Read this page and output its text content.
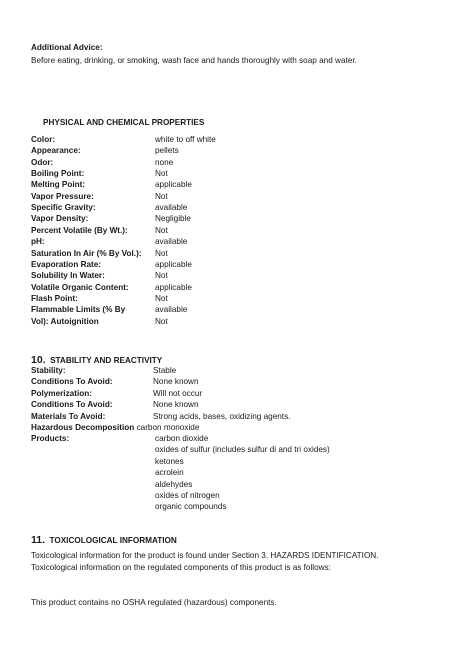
Additional Advice:
Before eating, drinking, or smoking, wash face and hands thoroughly with soap and water.
PHYSICAL AND CHEMICAL PROPERTIES
Color:	white to off white
Appearance:	pellets
Odor:	none
Boiling Point:	Not
Melting Point:	applicable
Vapor Pressure:	Not
Specific Gravity:	available
Vapor Density:	Negligible
Percent Volatile (By Wt.):	Not
pH:	available
Saturation In Air (% By Vol.): Not
Evaporation Rate:	applicable
Solubility In Water:	Not
Volatile Organic Content:	applicable
Flash Point:	Not
Flammable Limits (% By	available
Vol): Autoignition	Not
10. STABILITY AND REACTIVITY
Stability:	Stable
Conditions To Avoid:	None known
Polymerization:	Will not occur
Conditions To Avoid:	None known
Materials To Avoid:	Strong acids, bases, oxidizing agents.
Hazardous Decomposition carbon monoxide
Products:	carbon dioxide
oxides of sulfur (includes sulfur di and tri oxides)
ketones
acrolein
aldehydes
oxides of nitrogen
organic compounds
11. TOXICOLOGICAL INFORMATION
Toxicological information for the product is found under Section 3. HAZARDS IDENTIFICATION.
Toxicological information on the regulated components of this product is as follows:
This product contains no OSHA regulated (hazardous) components.
